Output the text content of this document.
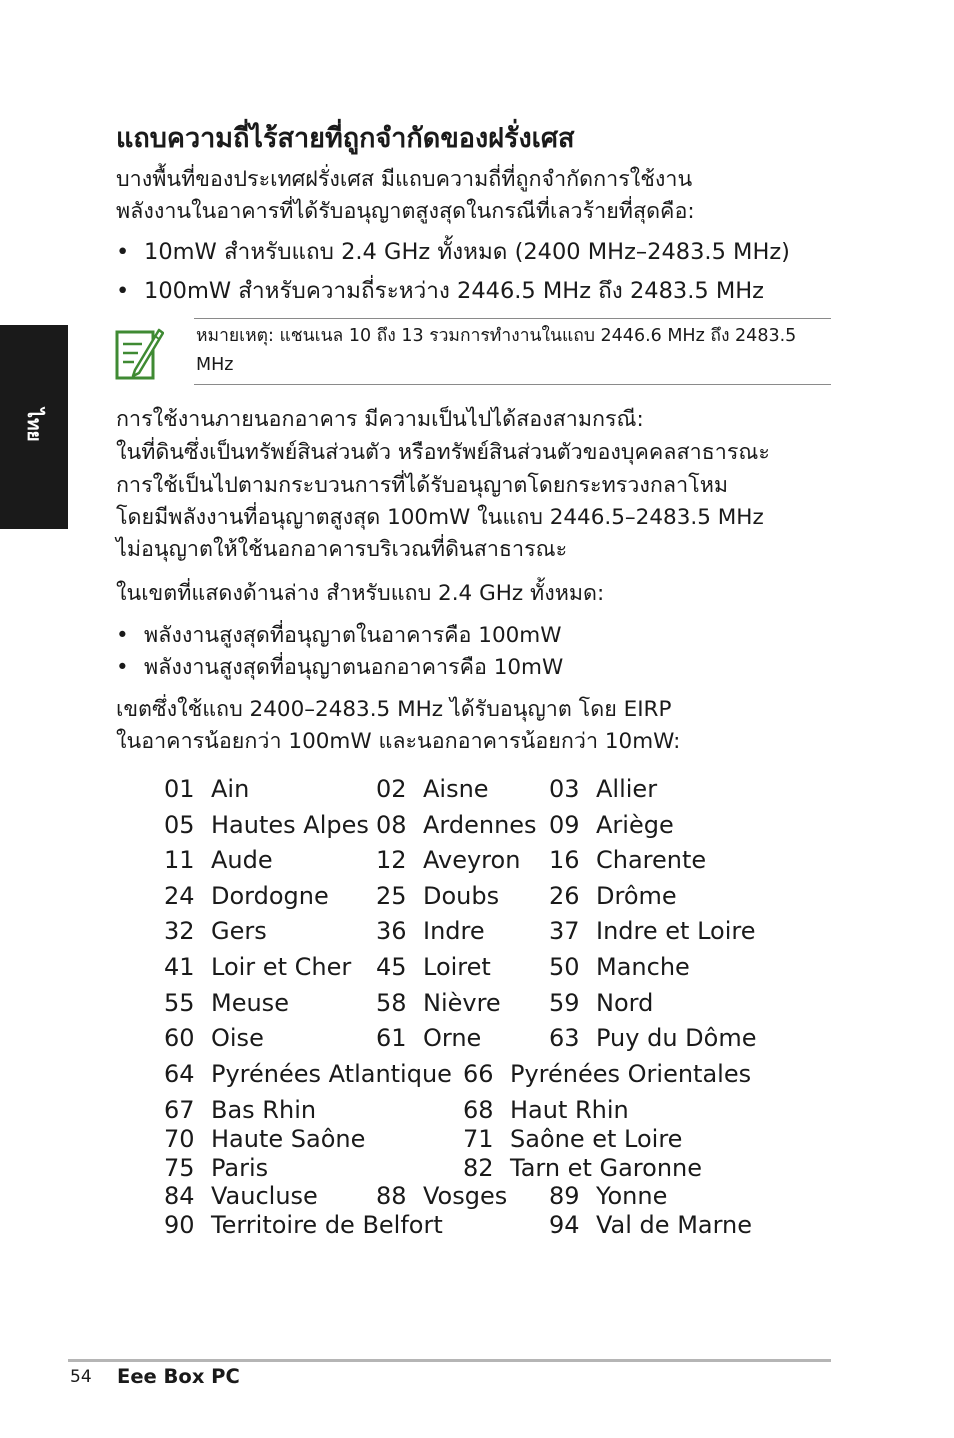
ไทย
แถบความถี่ไร้สายที่ถูกจำกัดของฝรั่งเศส

บางพื้นที่ของประเทศฝรั่งเศส มีแถบความถี่ที่ถูกจำกัดการใช้งาน

พลังงานในอาคารที่ได้รับอนุญาตสูงสุดในกรณีที่เลวร้ายที่สุดคือ:

• 10mW สำหรับแถบ 2.4 GHz ทั้งหมด (2400 MHz–2483.5 MHz)
• 100mW สำหรับความถี่ระหว่าง 2446.5 MHz ถึง 2483.5 MHz
หมายเหตุ: แชนเนล 10 ถึง 13 รวมการทำงานในแถบ 2446.6 MHz ถึง 2483.5 MHz

การใช้งานภายนอกอาคาร มีความเป็นไปได้สองสามกรณี:

ในที่ดินซึ่งเป็นทรัพย์สินส่วนตัว หรือทรัพย์สินส่วนตัวของบุคคลสาธารณะ

การใช้เป็นไปตามกระบวนการที่ได้รับอนุญาตโดยกระทรวงกลาโหม

โดยมีพลังงานที่อนุญาตสูงสุด 100mW ในแถบ 2446.5–2483.5 MHz

ไม่อนุญาตให้ใช้นอกอาคารบริเวณที่ดินสาธารณะ

ในเขตที่แสดงด้านล่าง สำหรับแถบ 2.4 GHz ทั้งหมด:

• พลังงานสูงสุดที่อนุญาตในอาคารคือ 100mW
• พลังงานสูงสุดที่อนุญาตนอกอาคารคือ 10mW

เขตซึ่งใช้แถบ 2400–2483.5 MHz ได้รับอนุญาต โดย EIRP

ในอาคารน้อยกว่า 100mW และนอกอาคารน้อยกว่า 10mW:

01 Ain	02 Aisne	03 Allier
05 Hautes Alpes 08 Ardennes 09 Ariège
11 Aude	12 Aveyron 16 Charente
24 Dordogne 25 Doubs 26 Drôme
32 Gers	36 Indre	37 Indre et Loire
41 Loir et Cher 45 Loiret 50 Manche
55 Meuse	58 Nièvre 59 Nord
60 Oise	61 Orne	63 Puy du Dôme
64 Pyrénées Atlantique 66 Pyrénées Orientales
67 Bas Rhin	68 Haut Rhin
70 Haute Saône	71 Saône et Loire
75 Paris	82 Tarn et Garonne
84 Vaucluse 88 Vosges 89 Yonne
90 Territoire de Belfort	94 Val de Marne
54 Eee Box PC
